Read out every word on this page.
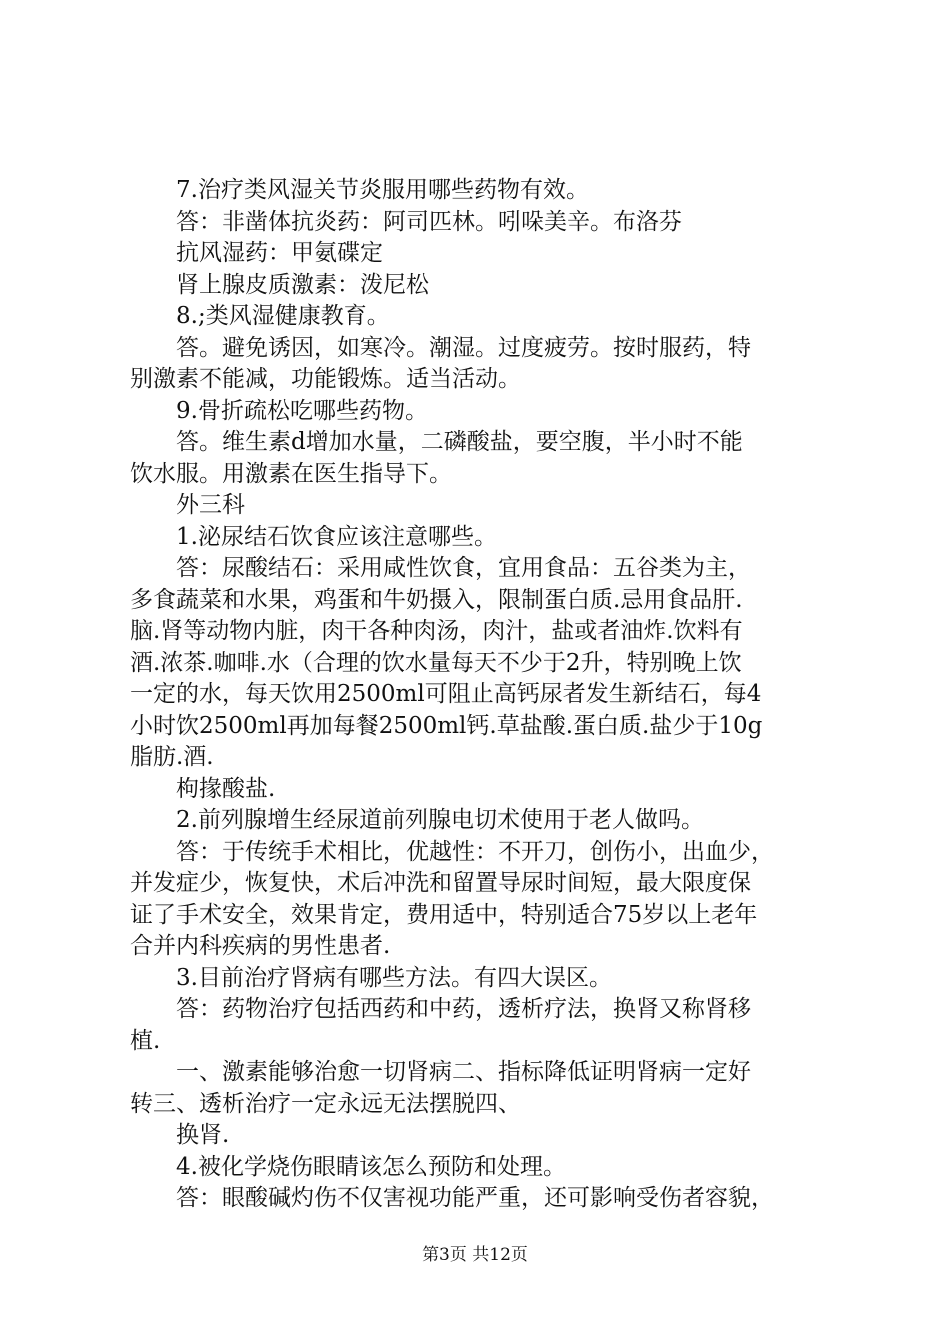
7.治疗类风湿关节炎服用哪些药物有效。
答：非凿体抗炎药：阿司匹林。吲哚美辛。布洛芬
抗风湿药：甲氨碟定
肾上腺皮质激素：泼尼松
8.;类风湿健康教育。
答。避免诱因，如寒冷。潮湿。过度疲劳。按时服药，特
别激素不能减，功能锻炼。适当活动。
9.骨折疏松吃哪些药物。
答。维生素d增加水量，二磷酸盐，要空腹，半小时不能
饮水服。用激素在医生指导下。
外三科
1.泌尿结石饮食应该注意哪些。
答：尿酸结石：采用咸性饮食，宜用食品：五谷类为主，
多食蔬菜和水果，鸡蛋和牛奶摄入，限制蛋白质.忌用食品肝.
脑.肾等动物内脏，肉干各种肉汤，肉汁，盐或者油炸.饮料有
酒.浓茶.咖啡.水（合理的饮水量每天不少于2升，特别晚上饮
一定的水，每天饮用2500ml可阻止高钙尿者发生新结石，每4
小时饮2500ml再加每餐2500ml钙.草盐酸.蛋白质.盐少于10g
脂肪.酒.
枸掾酸盐.
2.前列腺增生经尿道前列腺电切术使用于老人做吗。
答：于传统手术相比，优越性：不开刀，创伤小，出血少，
并发症少，恢复快，术后冲洗和留置导尿时间短，最大限度保
证了手术安全，效果肯定，费用适中，特别适合75岁以上老年
合并内科疾病的男性患者.
3.目前治疗肾病有哪些方法。有四大误区。
答：药物治疗包括西药和中药，透析疗法，换肾又称肾移
植.
一、激素能够治愈一切肾病二、指标降低证明肾病一定好
转三、透析治疗一定永远无法摆脱四、
换肾.
4.被化学烧伤眼睛该怎么预防和处理。
答：眼酸碱灼伤不仅害视功能严重，还可影响受伤者容貌，
第3页 共12页
